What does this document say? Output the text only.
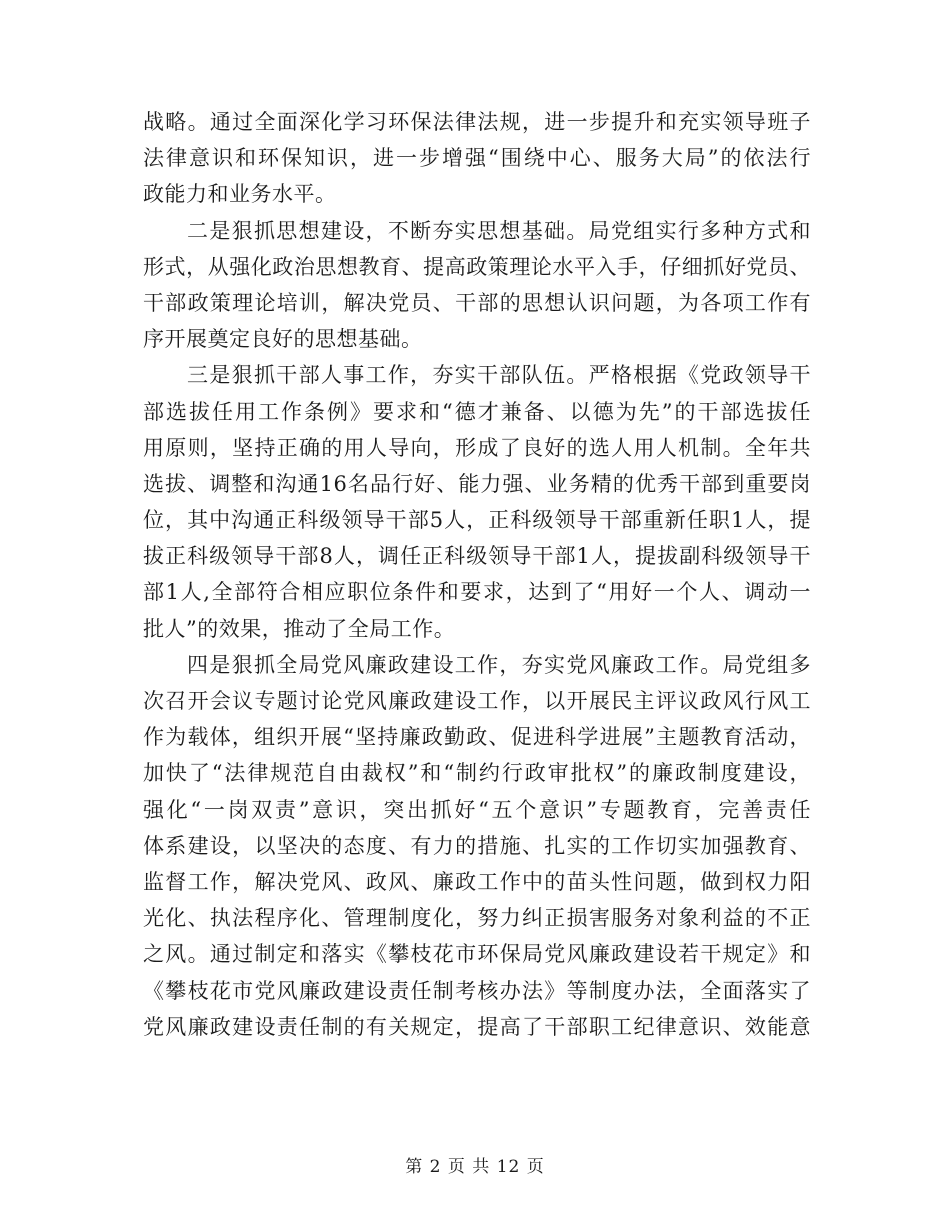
战略。通过全面深化学习环保法律法规，进一步提升和充实领导班子
法律意识和环保知识，进一步增强“围绕中心、服务大局”的依法行
政能力和业务水平。
二是狠抓思想建设，不断夯实思想基础。局党组实行多种方式和
形式，从强化政治思想教育、提高政策理论水平入手，仔细抓好党员、
干部政策理论培训，解决党员、干部的思想认识问题，为各项工作有
序开展奠定良好的思想基础。
三是狠抓干部人事工作，夯实干部队伍。严格根据《党政领导干
部选拔任用工作条例》要求和“德才兼备、以德为先”的干部选拔任
用原则，坚持正确的用人导向，形成了良好的选人用人机制。全年共
选拔、调整和沟通16名品行好、能力强、业务精的优秀干部到重要岗
位，其中沟通正科级领导干部5人，正科级领导干部重新任职1人，提
拔正科级领导干部8人，调任正科级领导干部1人，提拔副科级领导干
部1人,全部符合相应职位条件和要求，达到了“用好一个人、调动一
批人”的效果，推动了全局工作。
四是狠抓全局党风廉政建设工作，夯实党风廉政工作。局党组多
次召开会议专题讨论党风廉政建设工作，以开展民主评议政风行风工
作为载体，组织开展“坚持廉政勤政、促进科学进展”主题教育活动，
加快了“法律规范自由裁权”和“制约行政审批权”的廉政制度建设，
强化“一岗双责”意识，突出抓好“五个意识”专题教育，完善责任
体系建设，以坚决的态度、有力的措施、扎实的工作切实加强教育、
监督工作，解决党风、政风、廉政工作中的苗头性问题，做到权力阳
光化、执法程序化、管理制度化，努力纠正损害服务对象利益的不正
之风。通过制定和落实《攀枝花市环保局党风廉政建设若干规定》和
《攀枝花市党风廉政建设责任制考核办法》等制度办法，全面落实了
党风廉政建设责任制的有关规定，提高了干部职工纪律意识、效能意
第 2 页 共 12 页
